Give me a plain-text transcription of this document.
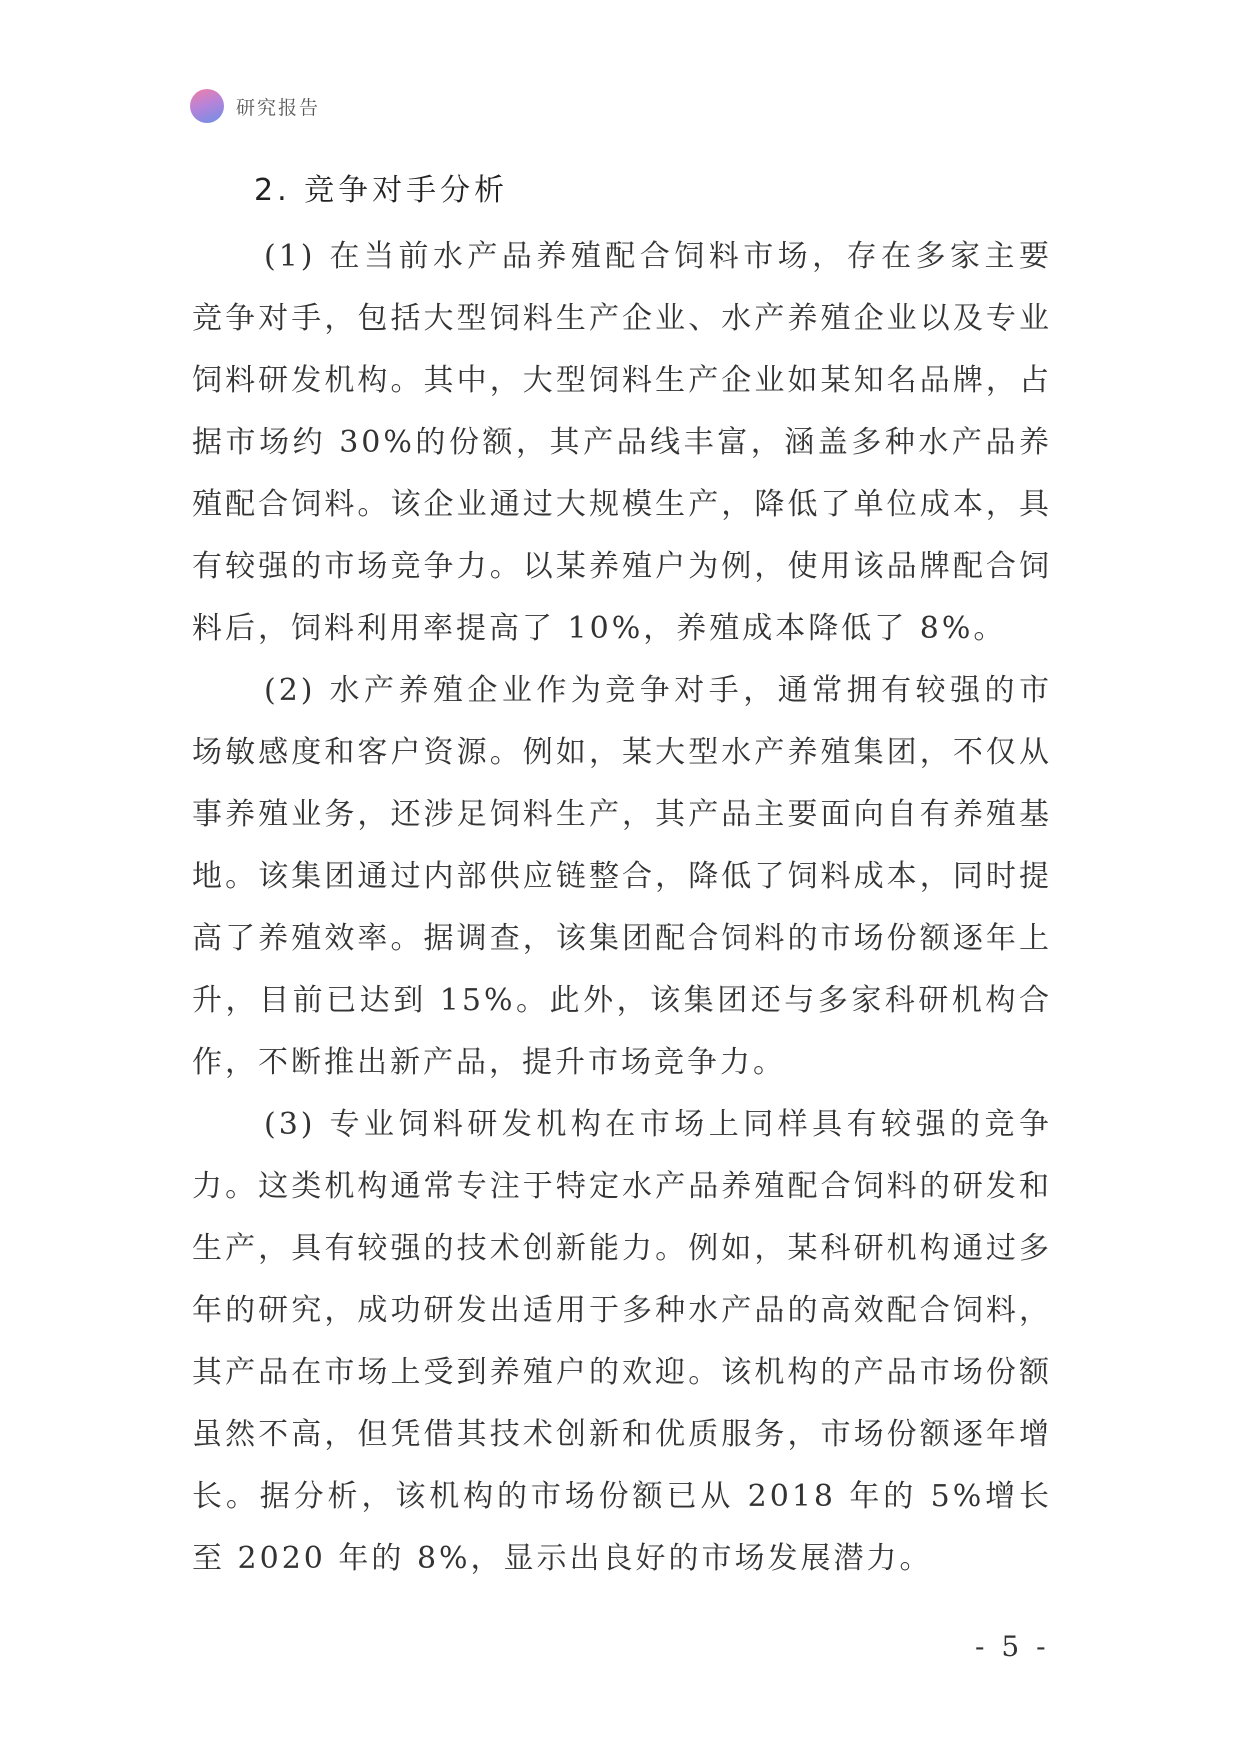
研究报告
2. 竞争对手分析

(1) 在当前水产品养殖配合饲料市场，存在多家主要竞争对手，包括大型饲料生产企业、水产养殖企业以及专业饲料研发机构。其中，大型饲料生产企业如某知名品牌，占据市场约 30%的份额，其产品线丰富，涵盖多种水产品养殖配合饲料。该企业通过大规模生产，降低了单位成本，具有较强的市场竞争力。以某养殖户为例，使用该品牌配合饲料后，饲料利用率提高了 10%，养殖成本降低了 8%。

(2) 水产养殖企业作为竞争对手，通常拥有较强的市场敏感度和客户资源。例如，某大型水产养殖集团，不仅从事养殖业务，还涉足饲料生产，其产品主要面向自有养殖基地。该集团通过内部供应链整合，降低了饲料成本，同时提高了养殖效率。据调查，该集团配合饲料的市场份额逐年上升，目前已达到 15%。此外，该集团还与多家科研机构合作，不断推出新产品，提升市场竞争力。

(3) 专业饲料研发机构在市场上同样具有较强的竞争力。这类机构通常专注于特定水产品养殖配合饲料的研发和生产，具有较强的技术创新能力。例如，某科研机构通过多年的研究，成功研发出适用于多种水产品的高效配合饲料，其产品在市场上受到养殖户的欢迎。该机构的产品市场份额虽然不高，但凭借其技术创新和优质服务，市场份额逐年增长。据分析，该机构的市场份额已从 2018 年的 5%增长至 2020 年的 8%，显示出良好的市场发展潜力。

- 5 -
